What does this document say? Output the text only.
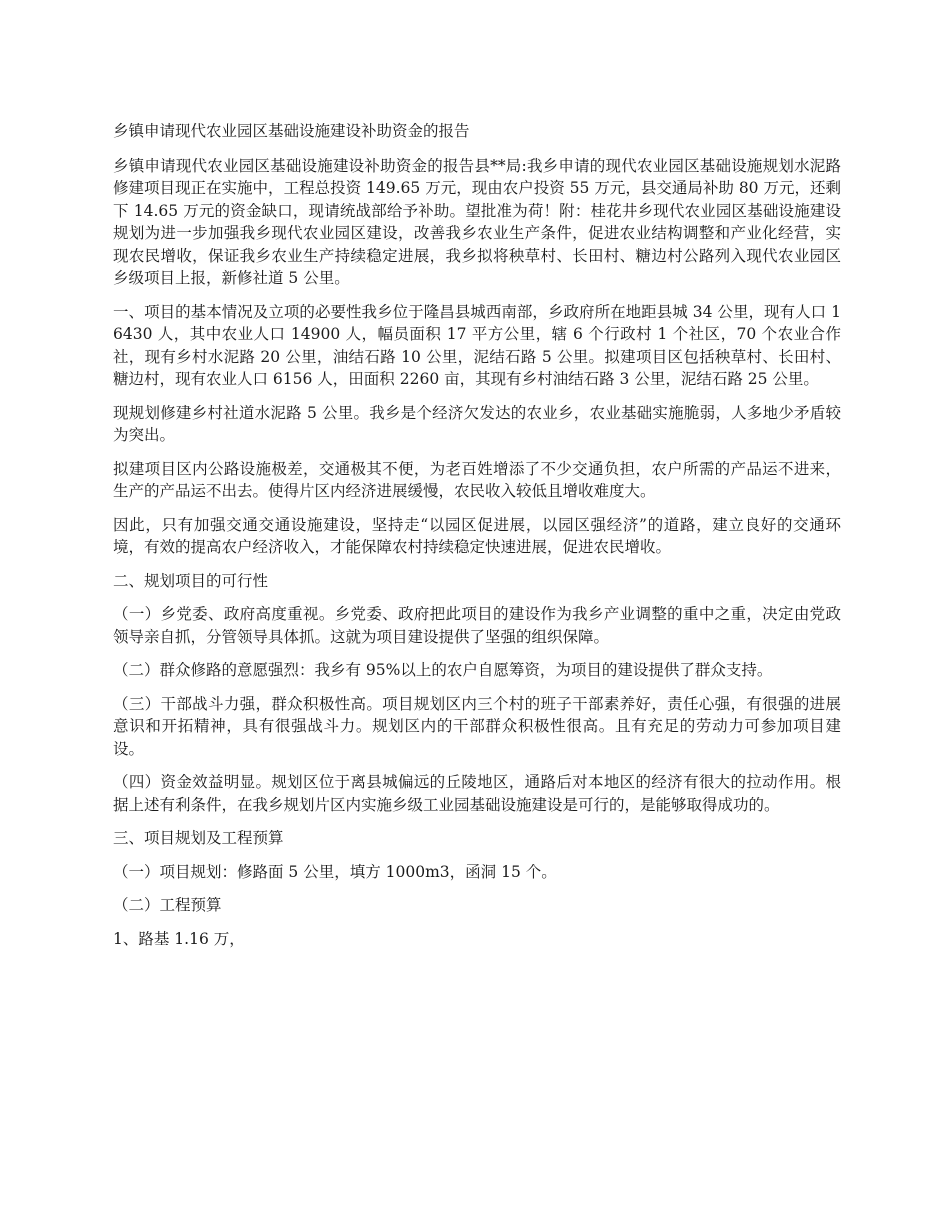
乡镇申请现代农业园区基础设施建设补助资金的报告

乡镇申请现代农业园区基础设施建设补助资金的报告县**局:我乡申请的现代农业园区基础设施规划水泥路修建项目现正在实施中，工程总投资 149.65 万元，现由农户投资 55 万元，县交通局补助 80 万元，还剩下 14.65 万元的资金缺口，现请统战部给予补助。望批准为荷！附：桂花井乡现代农业园区基础设施建设规划为进一步加强我乡现代农业园区建设，改善我乡农业生产条件，促进农业结构调整和产业化经营，实现农民增收，保证我乡农业生产持续稳定进展，我乡拟将秧草村、长田村、糖边村公路列入现代农业园区乡级项目上报，新修社道 5 公里。

一、项目的基本情况及立项的必要性我乡位于隆昌县城西南部，乡政府所在地距县城 34 公里，现有人口 16430 人，其中农业人口 14900 人，幅员面积 17 平方公里，辖 6 个行政村 1 个社区，70 个农业合作社，现有乡村水泥路 20 公里，油结石路 10 公里，泥结石路 5 公里。拟建项目区包括秧草村、长田村、糖边村，现有农业人口 6156 人，田面积 2260 亩，其现有乡村油结石路 3 公里，泥结石路 25 公里。

现规划修建乡村社道水泥路 5 公里。我乡是个经济欠发达的农业乡，农业基础实施脆弱，人多地少矛盾较为突出。

拟建项目区内公路设施极差，交通极其不便，为老百姓增添了不少交通负担，农户所需的产品运不进来，生产的产品运不出去。使得片区内经济进展缓慢，农民收入较低且增收难度大。

因此，只有加强交通交通设施建设，坚持走“以园区促进展，以园区强经济”的道路，建立良好的交通环境，有效的提高农户经济收入，才能保障农村持续稳定快速进展，促进农民增收。

二、规划项目的可行性

（一）乡党委、政府高度重视。乡党委、政府把此项目的建设作为我乡产业调整的重中之重，决定由党政领导亲自抓，分管领导具体抓。这就为项目建设提供了坚强的组织保障。

（二）群众修路的意愿强烈：我乡有 95%以上的农户自愿筹资，为项目的建设提供了群众支持。

（三）干部战斗力强，群众积极性高。项目规划区内三个村的班子干部素养好，责任心强，有很强的进展意识和开拓精神，具有很强战斗力。规划区内的干部群众积极性很高。且有充足的劳动力可参加项目建设。

（四）资金效益明显。规划区位于离县城偏远的丘陵地区，通路后对本地区的经济有很大的拉动作用。根据上述有利条件，在我乡规划片区内实施乡级工业园基础设施建设是可行的，是能够取得成功的。

三、项目规划及工程预算

（一）项目规划：修路面 5 公里，填方 1000m3，函洞 15 个。

（二）工程预算

1、路基 1.16 万，
